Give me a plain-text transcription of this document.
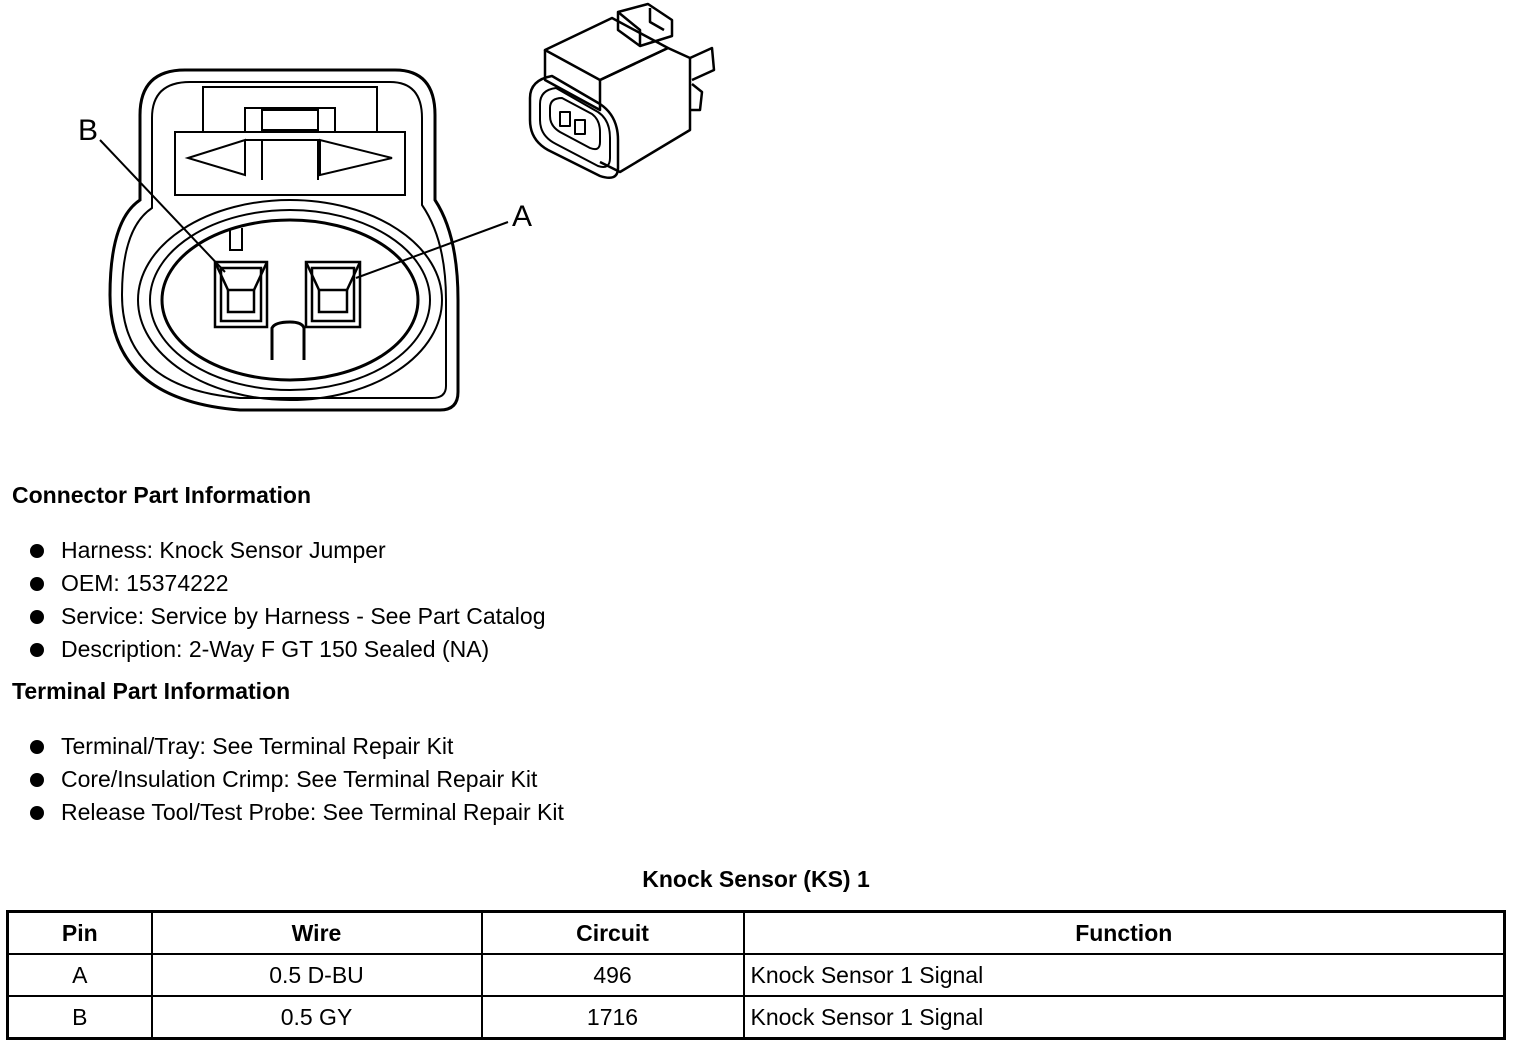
B
A
Connector Part Information
Harness: Knock Sensor Jumper
OEM: 15374222
Service: Service by Harness - See Part Catalog
Description: 2-Way F GT 150 Sealed (NA)
Terminal Part Information
Terminal/Tray: See Terminal Repair Kit
Core/Insulation Crimp: See Terminal Repair Kit
Release Tool/Test Probe: See Terminal Repair Kit
Knock Sensor (KS) 1
Pin	Wire	Circuit	Function
A	0.5 D-BU	496	Knock Sensor 1 Signal
B	0.5 GY	1716	Knock Sensor 1 Signal
